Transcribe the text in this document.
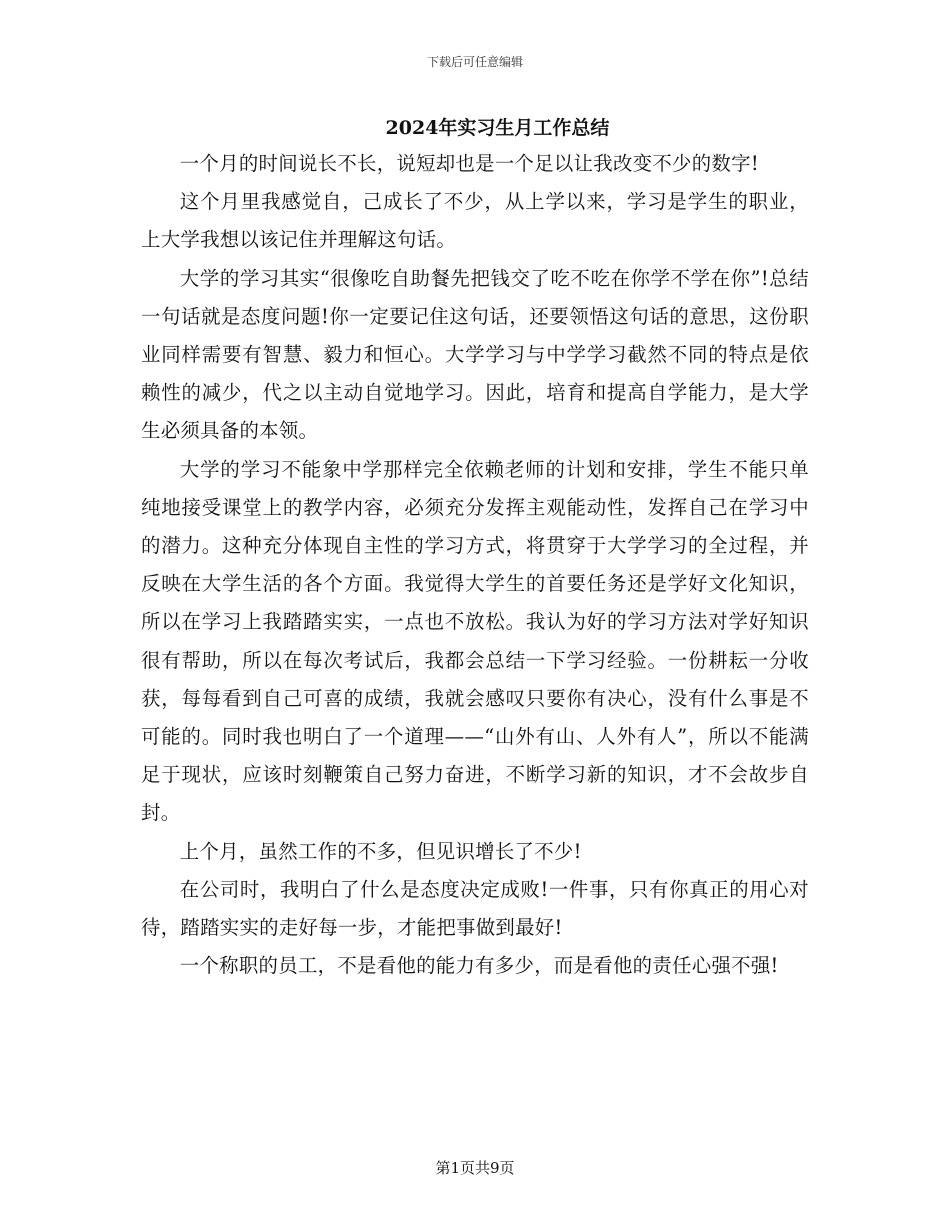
下载后可任意编辑
2024年实习生月工作总结

一个月的时间说长不长，说短却也是一个足以让我改变不少的数字!

这个月里我感觉自，己成长了不少，从上学以来，学习是学生的职业，上大学我想以该记住并理解这句话。

大学的学习其实“很像吃自助餐先把钱交了吃不吃在你学不学在你”!总结一句话就是态度问题!你一定要记住这句话，还要领悟这句话的意思，这份职业同样需要有智慧、毅力和恒心。大学学习与中学学习截然不同的特点是依赖性的减少，代之以主动自觉地学习。因此，培育和提高自学能力，是大学生必须具备的本领。

大学的学习不能象中学那样完全依赖老师的计划和安排，学生不能只单纯地接受课堂上的教学内容，必须充分发挥主观能动性，发挥自己在学习中的潜力。这种充分体现自主性的学习方式，将贯穿于大学学习的全过程，并反映在大学生活的各个方面。我觉得大学生的首要任务还是学好文化知识，所以在学习上我踏踏实实，一点也不放松。我认为好的学习方法对学好知识很有帮助，所以在每次考试后，我都会总结一下学习经验。一份耕耘一分收获，每每看到自己可喜的成绩，我就会感叹只要你有决心，没有什么事是不可能的。同时我也明白了一个道理——“山外有山、人外有人”，所以不能满足于现状，应该时刻鞭策自己努力奋进，不断学习新的知识，才不会故步自封。

上个月，虽然工作的不多，但见识增长了不少!

在公司时，我明白了什么是态度决定成败!一件事，只有你真正的用心对待，踏踏实实的走好每一步，才能把事做到最好!

一个称职的员工，不是看他的能力有多少，而是看他的责任心强不强!

第1页共9页
